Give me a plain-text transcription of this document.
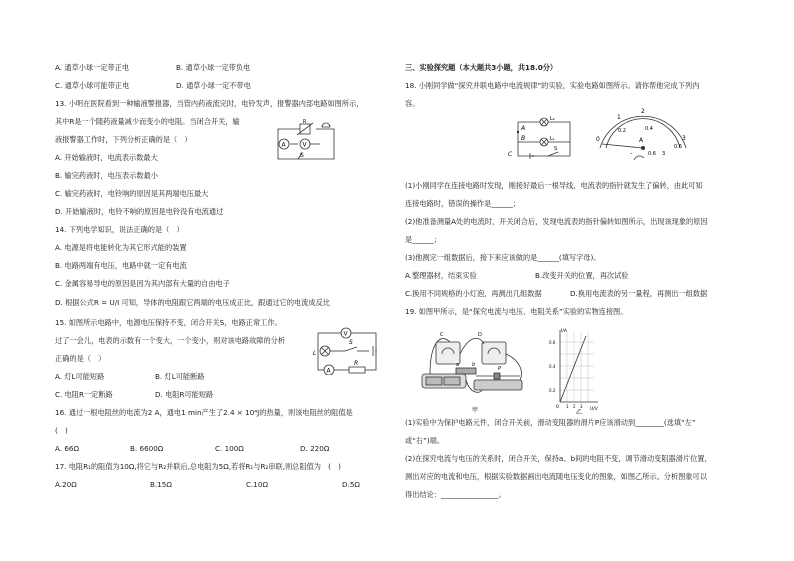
A. 通草小球一定带正电	B. 通草小球一定带负电
C. 通草小球可能带正电	D. 通草小球一定不带电
13. 小明在医院看到一种输液警报器，当管内药液流完时，电铃发声，报警器内部电路如图所示，
其中R是一个随药液量减少而变小的电阻。当闭合开关，输
液报警器工作时，下列分析正确的是（　）
A	V
S
R
A. 开始输液时，电流表示数最大
B. 输完药液时，电压表示数最小
C. 输完药液时，电铃响的原因是其两端电压最大
D. 开始输液时，电铃不响的原因是电铃没有电流通过
14. 下列电学知识，说法正确的是（　）
A. 电源是将电能转化为其它形式能的装置
B. 电路两端有电压，电路中就一定有电流
C. 金属容易导电的原因是因为其内部有大量的自由电子
D. 根据公式R = U/I 可知，导体的电阻跟它两端的电压成正比，跟通过它的电流成反比
15. 如图所示电路中，电源电压保持不变，闭合开关S，电路正常工作。
过了一会儿，电表的示数有一个变大，一个变小，则对该电路故障的分析
正确的是（　）
V
L
S
R
A
A. 灯L可能短路	B. 灯L可能断路
C. 电阻R一定断路	D. 电阻R可能短路
16. 通过一根电阻丝的电流为2 A，通电1 min产生了2.4 × 10⁴J的热量，则该电阻丝的阻值是
(　)
A. 66Ω	B. 6600Ω	C. 100Ω	D. 220Ω
17. 电阻R₁的阻值为10Ω,将它与R₂并联后,总电阻为5Ω,若将R₁与R₂串联,则总阻值为　(　)
A.20Ω	B.15Ω	C.10Ω	D.5Ω
三、实验探究题（本大题共3小题，共18.0分）
18. 小刚同学做“探究并联电路中电流规律”的实验，实验电路如图所示。请你帮他完成下列内
容。
A
B
C
L₂
L₁
S
0
1
2
3
0.2	0.4
0.6
A
-	0.6 3
(1)小刚同学在连接电路时发现，刚接好最后一根导线，电流表的指针就发生了偏转，由此可知
连接电路时，错误的操作是______；
(2)他准备测量A处的电流时，开关闭合后，发现电流表的指针偏转如图所示，出现该现象的原因
是______；
(3)他测完一组数据后，接下来应该做的是______(填写字母)。
A.整理器材，结束实验	B.改变开关的位置，再次试验
C.换用不同规格的小灯泡，再测出几组数据	D.换用电流表的另一量程，再测出一组数据
19. 如图甲所示，是“探究电流与电压、电阻关系”实验的实物连接图。
甲
C	D
P
a	b
I/A
U/V
0
0.6
0.4
0.2
1 2 3
乙
(1)实验中为保护电路元件，闭合开关前，滑动变阻器的滑片P应该滑动到________(选填“左”
或“右”)端。
(2)在探究电流与电压的关系时，闭合开关，保持a、b间的电阻不变，调节滑动变阻器滑片位置，
测出对应的电流和电压，根据实验数据画出电流随电压变化的图象，如图乙所示。分析图象可以
得出结论：________________。
